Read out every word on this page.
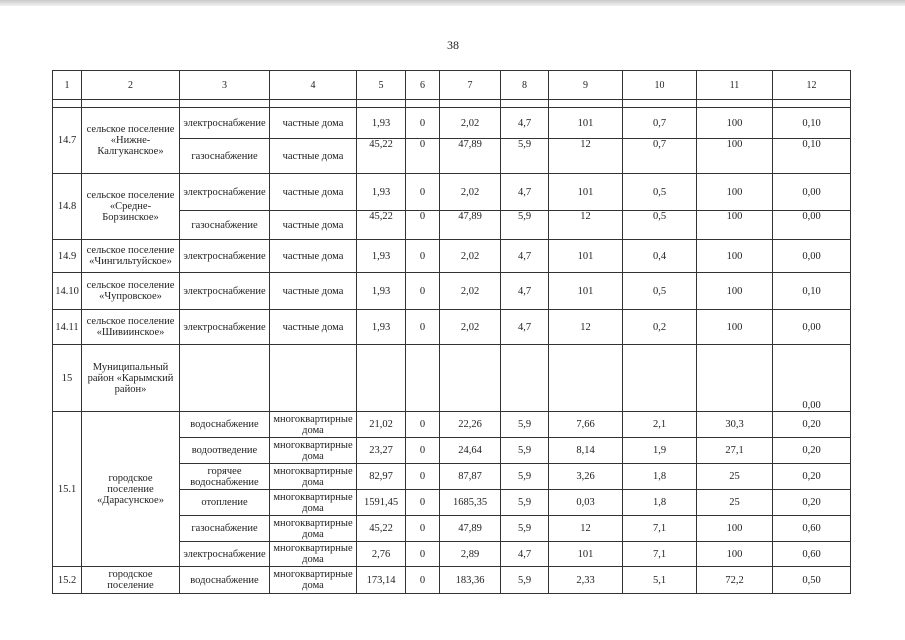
38
1	2	3	4	5	6	7	8	9	10	11	12

14.7	сельское поселение «Нижне-Калгуканское»	электроснабжение	частные дома	1,93	0	2,02	4,7	101	0,7	100	0,10
		газоснабжение	частные дома	45,22	0	47,89	5,9	12	0,7	100	0,10
14.8	сельское поселение «Средне-Борзинское»	электроснабжение	частные дома	1,93	0	2,02	4,7	101	0,5	100	0,00
		газоснабжение	частные дома	45,22	0	47,89	5,9	12	0,5	100	0,00
14.9	сельское поселение «Чингильтуйское»	электроснабжение	частные дома	1,93	0	2,02	4,7	101	0,4	100	0,00
14.10	сельское поселение «Чупровское»	электроснабжение	частные дома	1,93	0	2,02	4,7	101	0,5	100	0,10
14.11	сельское поселение «Шивиинское»	электроснабжение	частные дома	1,93	0	2,02	4,7	12	0,2	100	0,00
15	Муниципальный район «Карымский район»										0,00
15.1	городское поселение «Дарасунское»	водоснабжение	многоквартирные дома	21,02	0	22,26	5,9	7,66	2,1	30,3	0,20
		водоотведение	многоквартирные дома	23,27	0	24,64	5,9	8,14	1,9	27,1	0,20
		горячее водоснабжение	многоквартирные дома	82,97	0	87,87	5,9	3,26	1,8	25	0,20
		отопление	многоквартирные дома	1591,45	0	1685,35	5,9	0,03	1,8	25	0,20
		газоснабжение	многоквартирные дома	45,22	0	47,89	5,9	12	7,1	100	0,60
		электроснабжение	многоквартирные дома	2,76	0	2,89	4,7	101	7,1	100	0,60
15.2	городское поселение	водоснабжение	многоквартирные дома	173,14	0	183,36	5,9	2,33	5,1	72,2	0,50
